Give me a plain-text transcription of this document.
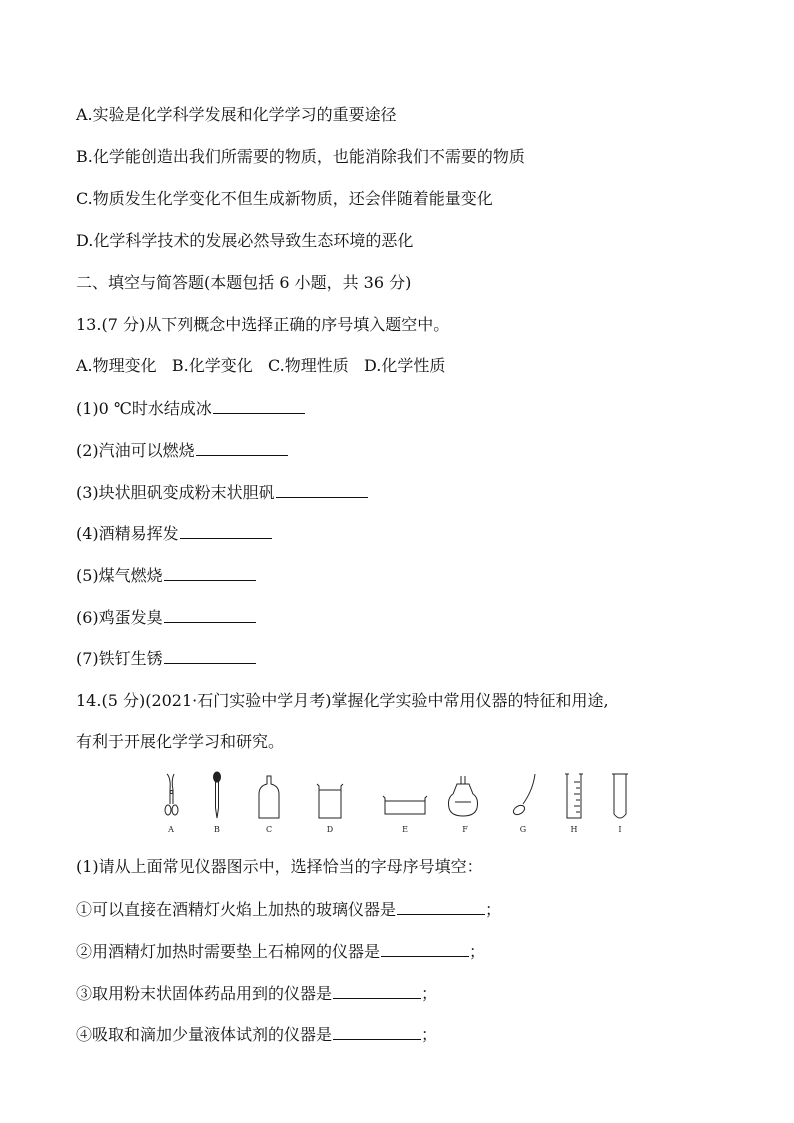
A.实验是化学科学发展和化学学习的重要途径
B.化学能创造出我们所需要的物质，也能消除我们不需要的物质
C.物质发生化学变化不但生成新物质，还会伴随着能量变化
D.化学科学技术的发展必然导致生态环境的恶化
二、填空与简答题(本题包括 6 小题，共 36 分)
13.(7 分)从下列概念中选择正确的序号填入题空中。
A.物理变化   B.化学变化   C.物理性质   D.化学性质
(1)0 ℃时水结成冰
(2)汽油可以燃烧
(3)块状胆矾变成粉末状胆矾
(4)酒精易挥发
(5)煤气燃烧
(6)鸡蛋发臭
(7)铁钉生锈
14.(5 分)(2021·石门实验中学月考)掌握化学实验中常用仪器的特征和用途,
有利于开展化学学习和研究。
A	B	C	D	E	F	G	H	I
(1)请从上面常见仪器图示中，选择恰当的字母序号填空：
①可以直接在酒精灯火焰上加热的玻璃仪器是	；
②用酒精灯加热时需要垫上石棉网的仪器是	；
③取用粉末状固体药品用到的仪器是	；
④吸取和滴加少量液体试剂的仪器是	；
